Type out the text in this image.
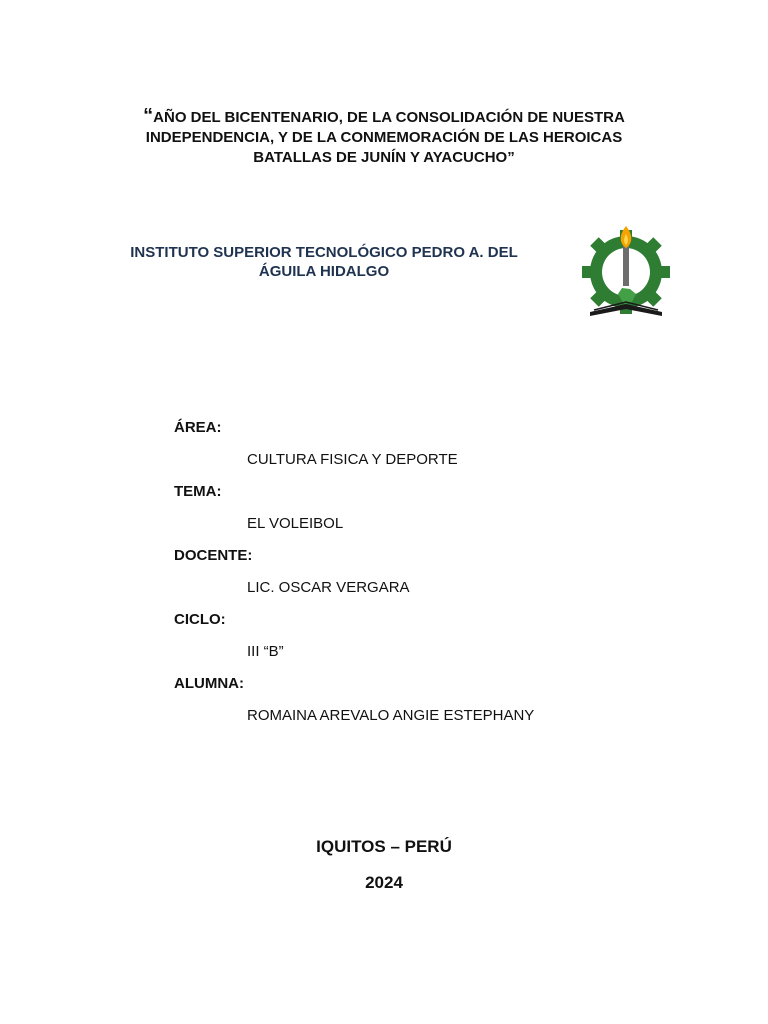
“AÑO DEL BICENTENARIO, DE LA CONSOLIDACIÓN DE NUESTRA INDEPENDENCIA, Y DE LA CONMEMORACIÓN DE LAS HEROICAS BATALLAS DE JUNÍN Y AYACUCHO”
INSTITUTO SUPERIOR TECNOLÓGICO PEDRO A. DEL ÁGUILA HIDALGO
ÁREA:
CULTURA FISICA Y DEPORTE
TEMA:
EL VOLEIBOL
DOCENTE:
LIC. OSCAR VERGARA
CICLO:
III “B”
ALUMNA:
ROMAINA AREVALO ANGIE ESTEPHANY
IQUITOS – PERÚ
2024
